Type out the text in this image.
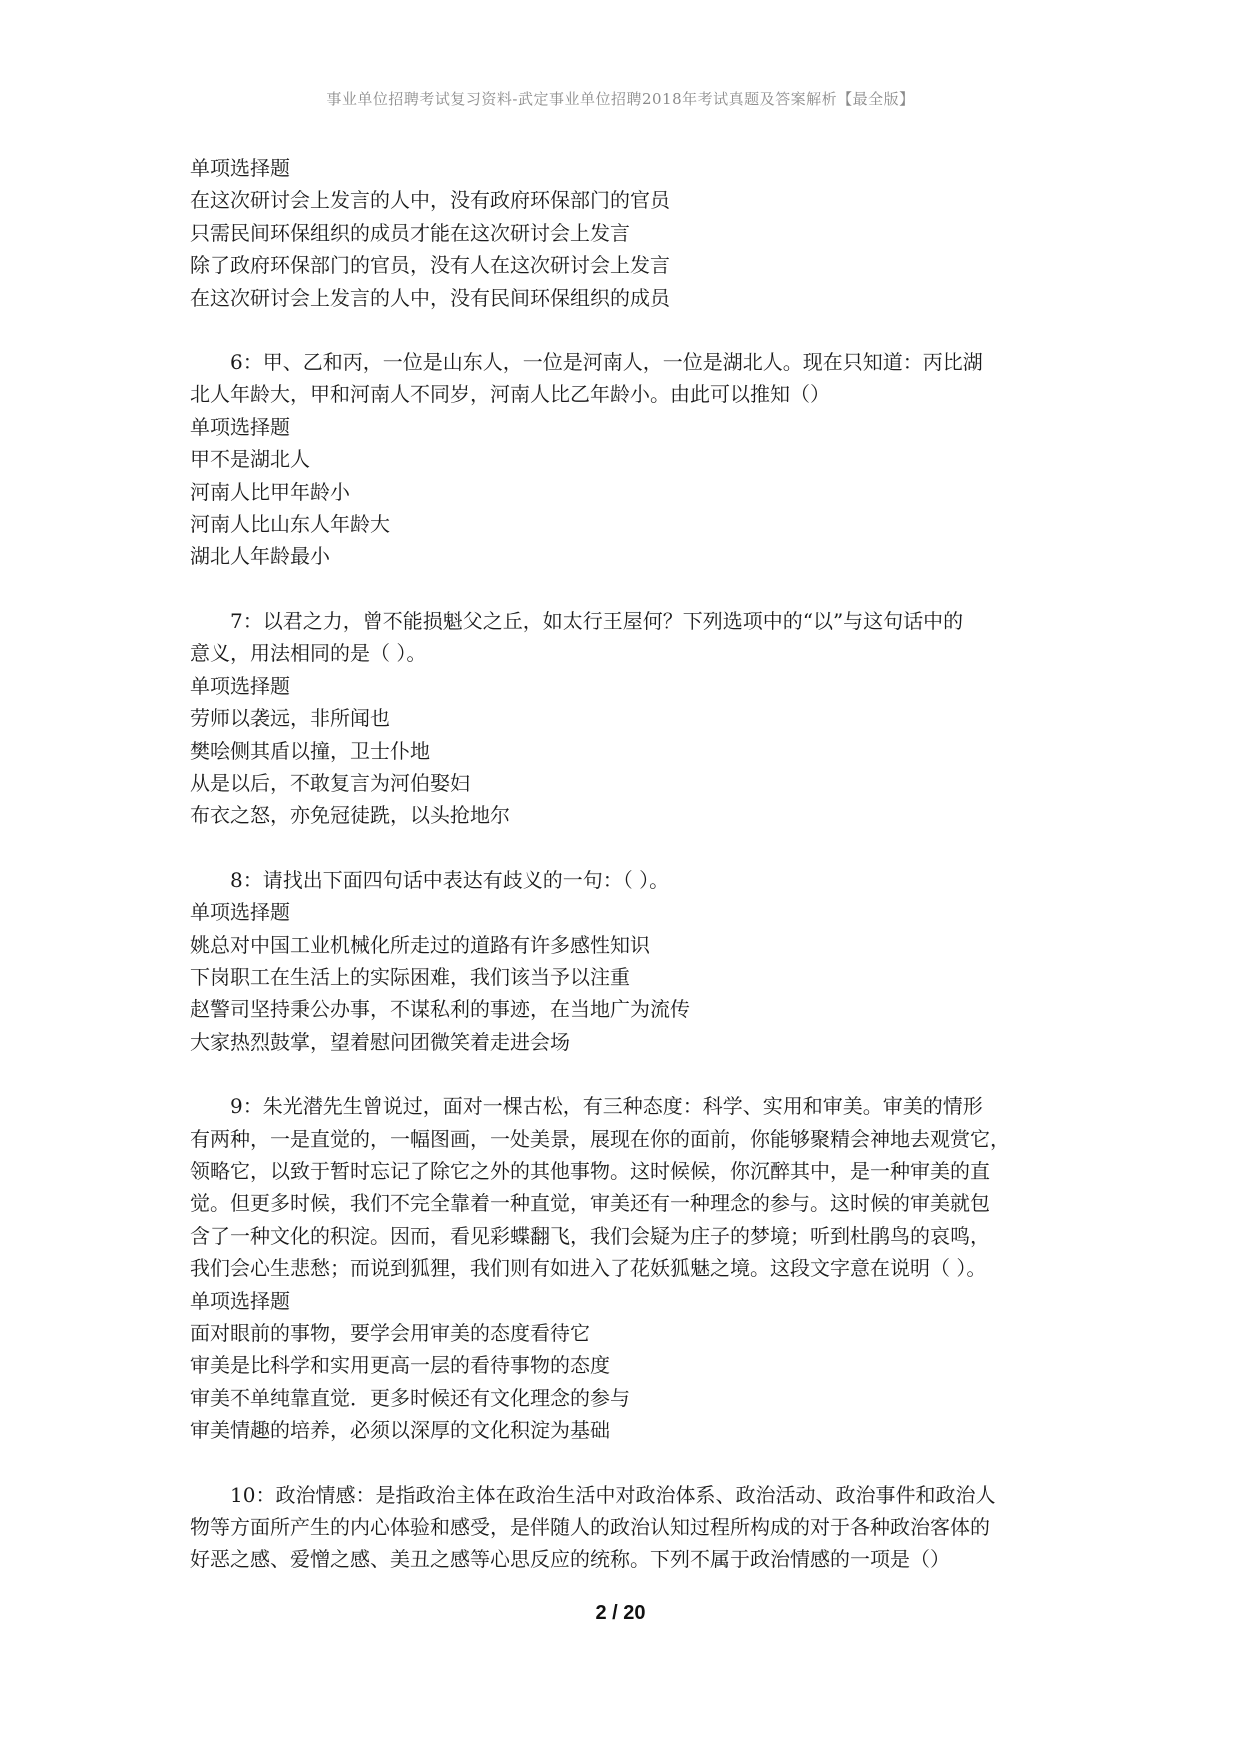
事业单位招聘考试复习资料-武定事业单位招聘2018年考试真题及答案解析【最全版】
单项选择题
在这次研讨会上发言的人中，没有政府环保部门的官员
只需民间环保组织的成员才能在这次研讨会上发言
除了政府环保部门的官员，没有人在这次研讨会上发言
在这次研讨会上发言的人中，没有民间环保组织的成员
6：甲、乙和丙，一位是山东人，一位是河南人，一位是湖北人。现在只知道：丙比湖
北人年龄大，甲和河南人不同岁，河南人比乙年龄小。由此可以推知（）
单项选择题
甲不是湖北人
河南人比甲年龄小
河南人比山东人年龄大
湖北人年龄最小
7：以君之力，曾不能损魁父之丘，如太行王屋何？下列选项中的“以”与这句话中的
意义，用法相同的是（ ）。
单项选择题
劳师以袭远，非所闻也
樊哙侧其盾以撞，卫士仆地
从是以后，不敢复言为河伯娶妇
布衣之怒，亦免冠徒跣，以头抢地尔
8：请找出下面四句话中表达有歧义的一句：（ ）。
单项选择题
姚总对中国工业机械化所走过的道路有许多感性知识
下岗职工在生活上的实际困难，我们该当予以注重
赵警司坚持秉公办事，不谋私利的事迹，在当地广为流传
大家热烈鼓掌，望着慰问团微笑着走进会场
9：朱光潜先生曾说过，面对一棵古松，有三种态度：科学、实用和审美。审美的情形
有两种，一是直觉的，一幅图画，一处美景，展现在你的面前，你能够聚精会神地去观赏它，
领略它，以致于暂时忘记了除它之外的其他事物。这时候候，你沉醉其中，是一种审美的直
觉。但更多时候，我们不完全靠着一种直觉，审美还有一种理念的参与。这时候的审美就包
含了一种文化的积淀。因而，看见彩蝶翻飞，我们会疑为庄子的梦境；听到杜鹃鸟的哀鸣，
我们会心生悲愁；而说到狐狸，我们则有如进入了花妖狐魅之境。这段文字意在说明（ ）。
单项选择题
面对眼前的事物，要学会用审美的态度看待它
审美是比科学和实用更高一层的看待事物的态度
审美不单纯靠直觉．更多时候还有文化理念的参与
审美情趣的培养，必须以深厚的文化积淀为基础
10：政治情感：是指政治主体在政治生活中对政治体系、政治活动、政治事件和政治人
物等方面所产生的内心体验和感受，是伴随人的政治认知过程所构成的对于各种政治客体的
好恶之感、爱憎之感、美丑之感等心思反应的统称。下列不属于政治情感的一项是（）
2 / 20
